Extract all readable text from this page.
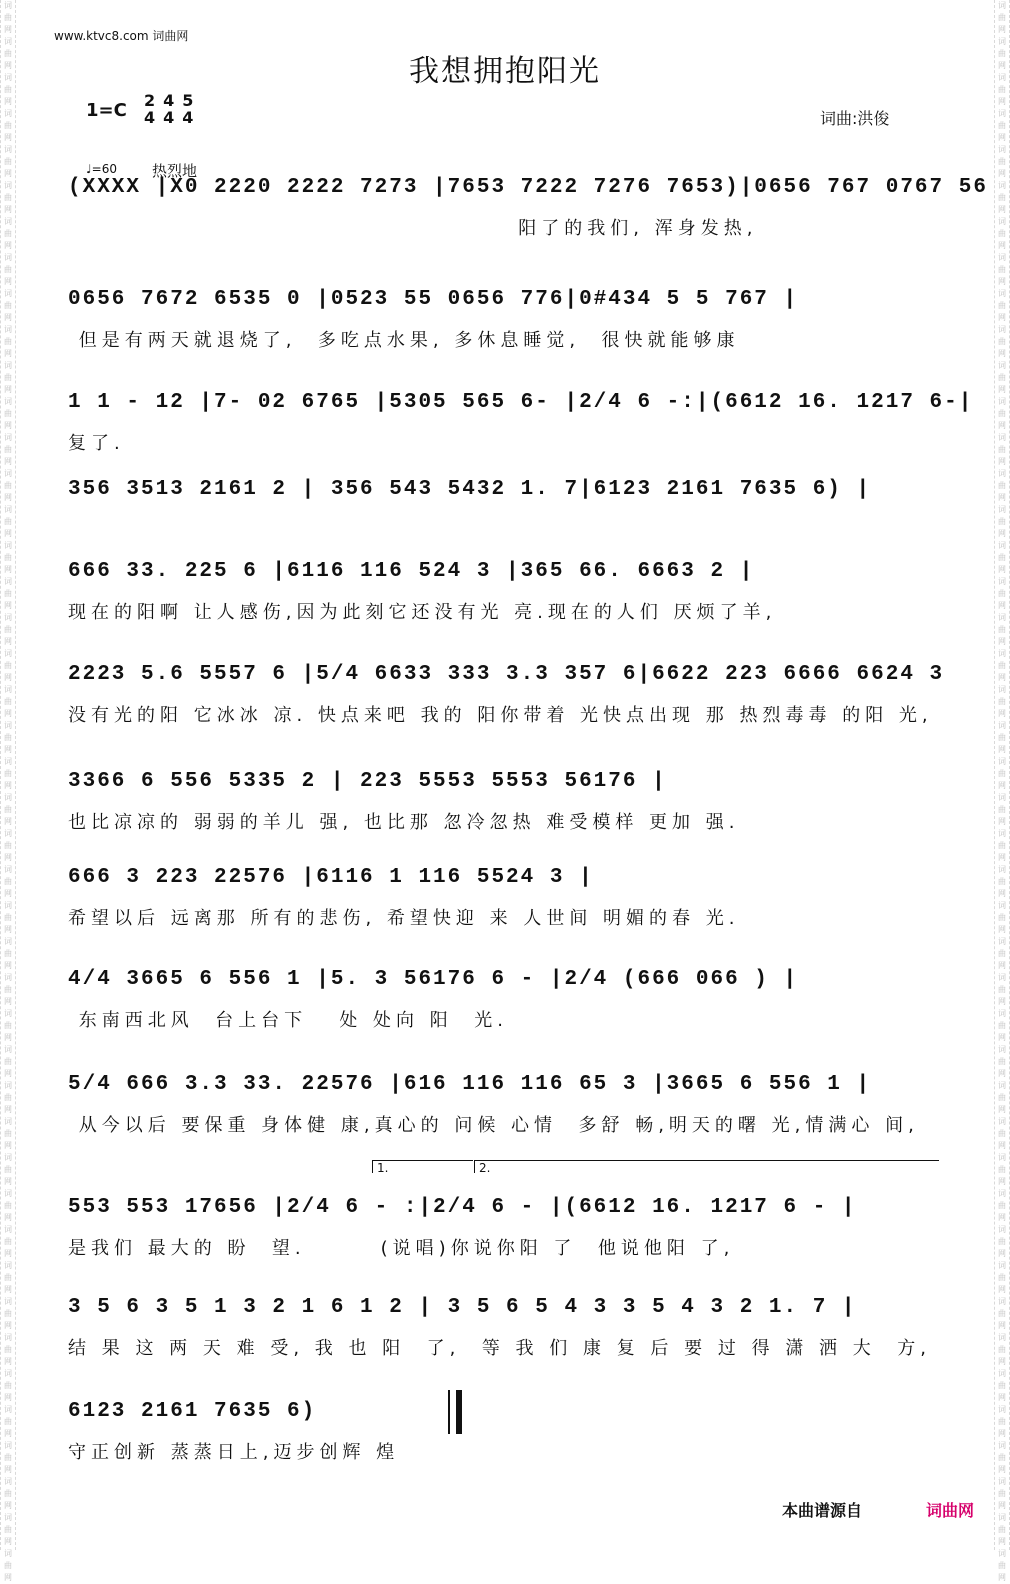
词曲网词曲网词曲网词曲网词曲网词曲网词曲网词曲网词曲网词曲网词曲网词曲网词曲网词曲网词曲网词曲网词曲网词曲网词曲网词曲网词曲网词曲网词曲网词曲网词曲网词曲网词曲网词曲网词曲网词曲网词曲网词曲网词曲网词曲网词曲网词曲网词曲网词曲网词曲网词曲网词曲网词曲网词曲网词曲网
词曲网词曲网词曲网词曲网词曲网词曲网词曲网词曲网词曲网词曲网词曲网词曲网词曲网词曲网词曲网词曲网词曲网词曲网词曲网词曲网词曲网词曲网词曲网词曲网词曲网词曲网词曲网词曲网词曲网词曲网词曲网词曲网词曲网词曲网词曲网词曲网词曲网词曲网词曲网词曲网词曲网词曲网词曲网词曲网
www.ktvc8.com 词曲网
我想拥抱阳光
1=C 2
4
4
4
5
4	词曲:洪俊
♩=60 热烈地
(XXXX |X0 2220 2222 7273 |7653 7222 7276 7653)|0656 767 0767 56
阳了的我们, 浑身发热,
0656 7672 6535 0 |0523 55 0656 776|0#434 5 5 767 |
但是有两天就退烧了,  多吃点水果, 多休息睡觉,  很快就能够康
1 1 - 12 |7- 02 6765 |5305 565 6- |2/4 6 -:|(6612 16. 1217 6-|
复了.
356 3513 2161 2 | 356 543 5432 1. 7|6123 2161 7635 6) |
666 33. 225 6 |6116 116 524 3 |365 66. 6663 2 |
现在的阳啊 让人感伤,因为此刻它还没有光 亮.现在的人们 厌烦了羊,
2223 5.6 5557 6 |5/4 6633 333 3.3 357 6|6622 223 6666 6624 3
没有光的阳 它冰冰 凉. 快点来吧 我的 阳你带着 光快点出现 那 热烈毒毒 的阳 光,
3366 6 556 5335 2 | 223 5553 5553 56176 |
也比凉凉的 弱弱的羊儿 强, 也比那 忽冷忽热 难受模样 更加 强.
666 3 223 22576 |6116 1 116 5524 3 |
希望以后 远离那 所有的悲伤, 希望快迎 来 人世间 明媚的春 光.
4/4 3665 6 556 1 |5. 3 56176 6 - |2/4 (666 066 ) |
东南西北风  台上台下   处 处向 阳  光.
5/4 666 3.3 33. 22576 |616 116 116 65 3 |3665 6 556 1 |
从今以后 要保重 身体健 康,真心的 问候 心情  多舒 畅,明天的曙 光,情满心 间,
1.	2.
553 553 17656 |2/4 6 - :|2/4 6 - |(6612 16. 1217 6 - |
是我们 最大的 盼  望.       (说唱)你说你阳 了  他说他阳 了,
3 5 6 3 5 1 3 2 1 6 1 2 | 3 5 6 5 4 3 3 5 4 3 2 1. 7 |
结 果 这 两 天 难 受, 我 也 阳  了,  等 我 们 康 复 后 要 过 得 潇 洒 大  方,
6123 2161 7635 6)
守正创新 蒸蒸日上,迈步创辉 煌
本曲谱源自	词曲网
